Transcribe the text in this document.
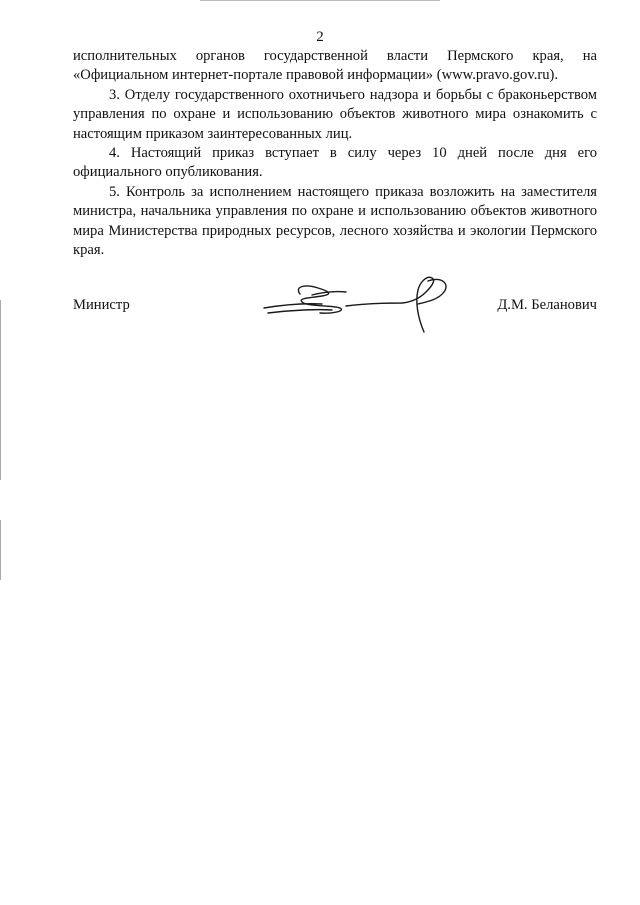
2

исполнительных органов государственной власти Пермского края, на «Официальном интернет-портале правовой информации» (www.pravo.gov.ru).

3. Отделу государственного охотничьего надзора и борьбы с браконьерством управления по охране и использованию объектов животного мира ознакомить с настоящим приказом заинтересованных лиц.

4. Настоящий приказ вступает в силу через 10 дней после дня его официального опубликования.

5. Контроль за исполнением настоящего приказа возложить на заместителя министра, начальника управления по охране и использованию объектов животного мира Министерства природных ресурсов, лесного хозяйства и экологии Пермского края.

Министр	Д.М. Беланович
